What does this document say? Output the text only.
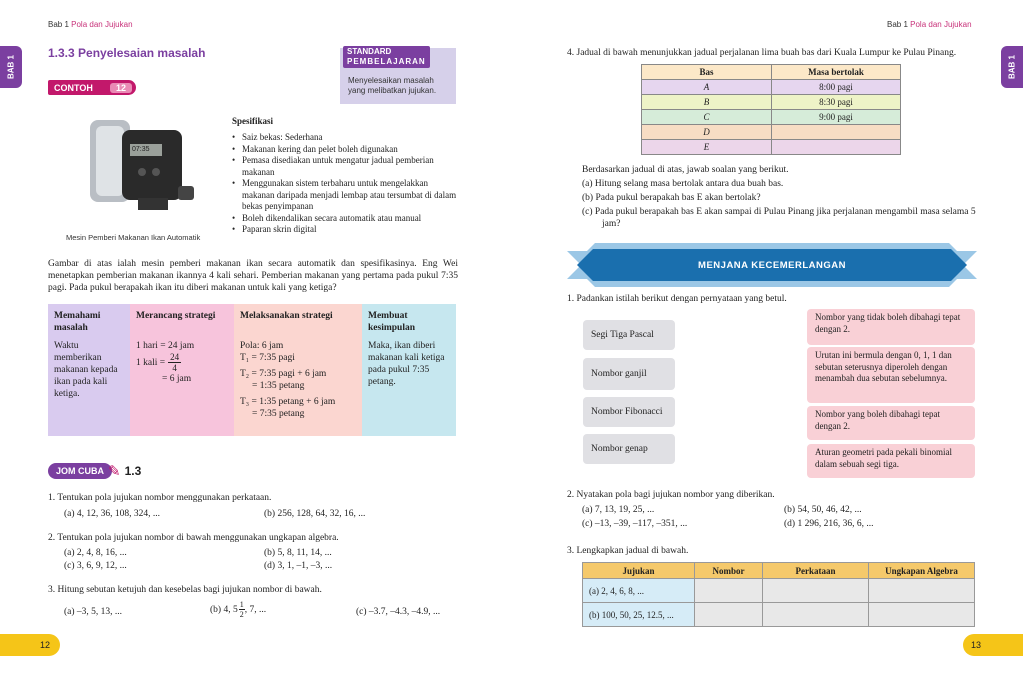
Bab 1 Pola dan Jujukan
BAB 1
1.3.3 Penyelesaian masalah	STANDARD
PEMBELAJARAN
Menyelesaikan masalah yang melibatkan jujukan.
CONTOH	12
07:35
Mesin Pemberi Makanan Ikan Automatik
Spesifikasi
• Saiz bekas: Sederhana
• Makanan kering dan pelet boleh digunakan
• Pemasa disediakan untuk mengatur jadual pemberian makanan
• Menggunakan sistem terbaharu untuk mengelakkan makanan daripada menjadi lembap atau tersumbat di dalam bekas penyimpanan
• Boleh dikendalikan secara automatik atau manual
• Paparan skrin digital
Gambar di atas ialah mesin pemberi makanan ikan secara automatik dan spesifikasinya. Eng Wei menetapkan pemberian makanan ikannya 4 kali sehari. Pemberian makanan yang pertama pada pukul 7:35 pagi. Pada pukul berapakah ikan itu diberi makanan untuk kali yang ketiga?
Memahami masalah
Waktu memberikan makanan kepada ikan pada kali ketiga.
Merancang strategi
1 hari = 24 jam
1 kali = $\frac{24}{4}$
= 6 jam
Melaksanakan strategi
Pola: 6 jam
T₁ = 7:35 pagi
T₂ = 7:35 pagi + 6 jam
= 1:35 petang
T₃ = 1:35 petang + 6 jam
= 7:35 petang
Membuat kesimpulan
Maka, ikan diberi makanan kali ketiga pada pukul 7:35 petang.
JOM CUBA ✎ 1.3
1. Tentukan pola jujukan nombor menggunakan perkataan.
(a) 4, 12, 36, 108, 324, ...	(b) 256, 128, 64, 32, 16, ...
2. Tentukan pola jujukan nombor di bawah menggunakan ungkapan algebra.
(a) 2, 4, 8, 16, ...	(b) 5, 8, 11, 14, ...
(c) 3, 6, 9, 12, ...	(d) 3, 1, –1, –3, ...
3. Hitung sebutan ketujuh dan kesebelas bagi jujukan nombor di bawah.
(a) –3, 5, 13, ...	(b) 4, 5 1
2 , 7, ...	(c) –3.7, –4.3, –4.9, ...
12
Bab 1 Pola dan Jujukan
BAB 1
4. Jadual di bawah menunjukkan jadual perjalanan lima buah bas dari Kuala Lumpur ke Pulau Pinang.
Bas	Masa bertolak
A	8:00 pagi
B	8:30 pagi
C	9:00 pagi
D	
E	
Berdasarkan jadual di atas, jawab soalan yang berikut.
(a) Hitung selang masa bertolak antara dua buah bas.
(b) Pada pukul berapakah bas E akan bertolak?
(c) Pada pukul berapakah bas E akan sampai di Pulau Pinang jika perjalanan mengambil masa selama 5 jam?
MENJANA KECEMERLANGAN
1. Padankan istilah berikut dengan pernyataan yang betul.
Segi Tiga Pascal
Nombor ganjil
Nombor Fibonacci
Nombor genap
Nombor yang tidak boleh dibahagi tepat dengan 2.
Urutan ini bermula dengan 0, 1, 1 dan sebutan seterusnya diperoleh dengan menambah dua sebutan sebelumnya.
Nombor yang boleh dibahagi tepat dengan 2.
Aturan geometri pada pekali binomial dalam sebuah segi tiga.
2. Nyatakan pola bagi jujukan nombor yang diberikan.
(a) 7, 13, 19, 25, ...	(b) 54, 50, 46, 42, ...
(c) –13, –39, –117, –351, ...	(d) 1 296, 216, 36, 6, ...
3. Lengkapkan jadual di bawah.
Jujukan	Nombor	Perkataan	Ungkapan Algebra
(a) 2, 4, 6, 8, ...			
(b) 100, 50, 25, 12.5, ...			
13
